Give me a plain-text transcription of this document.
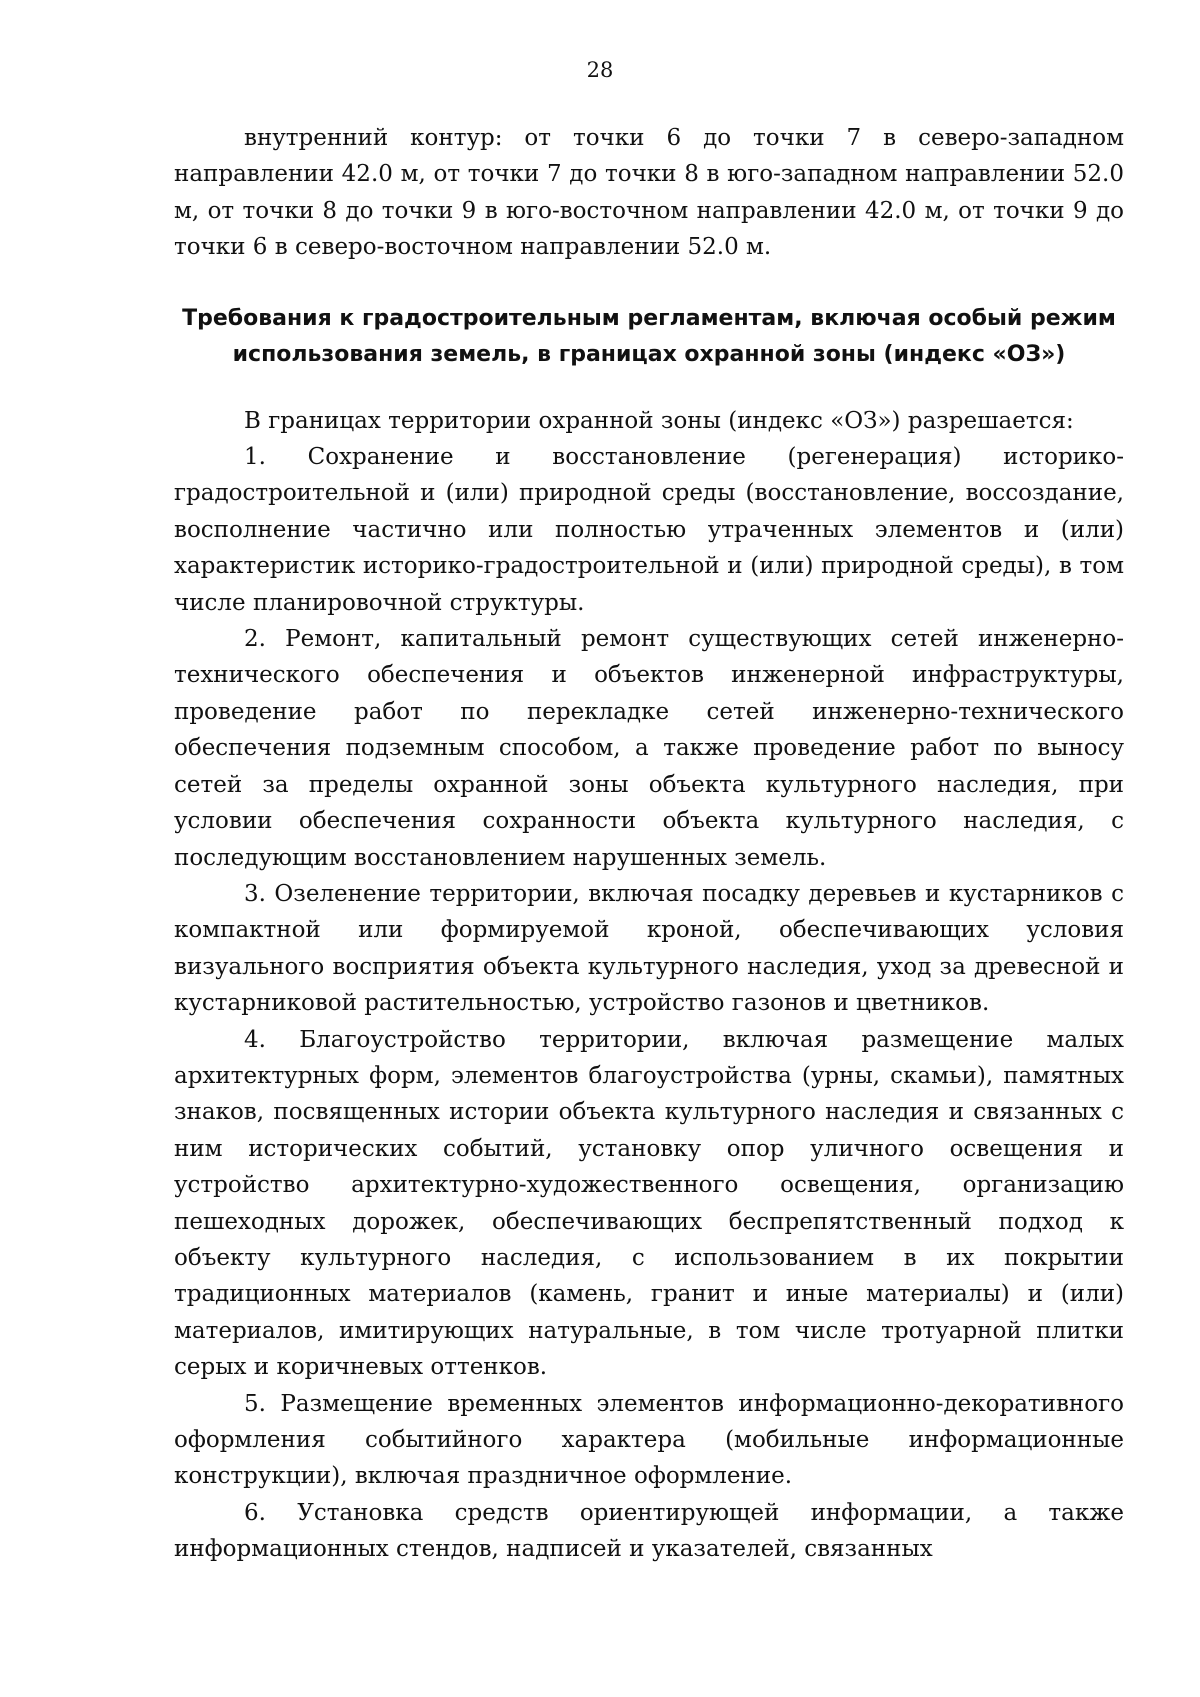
28

внутренний контур: от точки 6 до точки 7 в северо-западном направлении 42.0 м, от точки 7 до точки 8 в юго-западном направлении 52.0 м, от точки 8 до точки 9 в юго-восточном направлении 42.0 м, от точки 9 до точки 6 в северо-восточном направлении 52.0 м.

Требования к градостроительным регламентам, включая особый режим
использования земель, в границах охранной зоны (индекс «ОЗ»)

В границах территории охранной зоны (индекс «ОЗ») разрешается:

1. Сохранение и восстановление (регенерация) историко-градостроительной и (или) природной среды (восстановление, воссоздание, восполнение частично или полностью утраченных элементов и (или) характеристик историко-градостроительной и (или) природной среды), в том числе планировочной структуры.

2. Ремонт, капитальный ремонт существующих сетей инженерно-технического обеспечения и объектов инженерной инфраструктуры, проведение работ по перекладке сетей инженерно-технического обеспечения подземным способом, а также проведение работ по выносу сетей за пределы охранной зоны объекта культурного наследия, при условии обеспечения сохранности объекта культурного наследия, с последующим восстановлением нарушенных земель.

3. Озеленение территории, включая посадку деревьев и кустарников с компактной или формируемой кроной, обеспечивающих условия визуального восприятия объекта культурного наследия, уход за древесной и кустарниковой растительностью, устройство газонов и цветников.

4. Благоустройство территории, включая размещение малых архитектурных форм, элементов благоустройства (урны, скамьи), памятных знаков, посвященных истории объекта культурного наследия и связанных с ним исторических событий, установку опор уличного освещения и устройство архитектурно-художественного освещения, организацию пешеходных дорожек, обеспечивающих беспрепятственный подход к объекту культурного наследия, с использованием в их покрытии традиционных материалов (камень, гранит и иные материалы) и (или) материалов, имитирующих натуральные, в том числе тротуарной плитки серых и коричневых оттенков.

5. Размещение временных элементов информационно-декоративного оформления событийного характера (мобильные информационные конструкции), включая праздничное оформление.

6. Установка средств ориентирующей информации, а также информационных стендов, надписей и указателей, связанных
